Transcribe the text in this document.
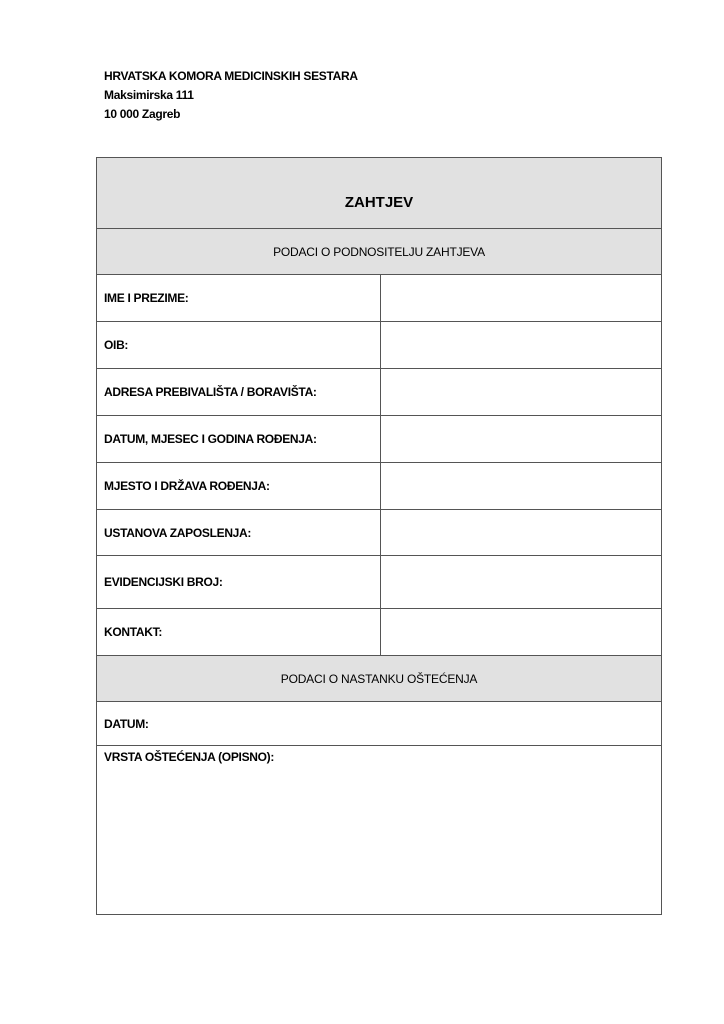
HRVATSKA KOMORA MEDICINSKIH SESTARA
Maksimirska 111
10 000 Zagreb
ZAHTJEV
PODACI O PODNOSITELJU ZAHTJEVA
IME I PREZIME:
OIB:
ADRESA PREBIVALIŠTA / BORAVIŠTA:
DATUM, MJESEC I GODINA ROĐENJA:
MJESTO I DRŽAVA ROĐENJA:
USTANOVA ZAPOSLENJA:
EVIDENCIJSKI BROJ:
KONTAKT:
PODACI O NASTANKU OŠTEĆENJA
DATUM:
VRSTA OŠTEĆENJA (OPISNO):
